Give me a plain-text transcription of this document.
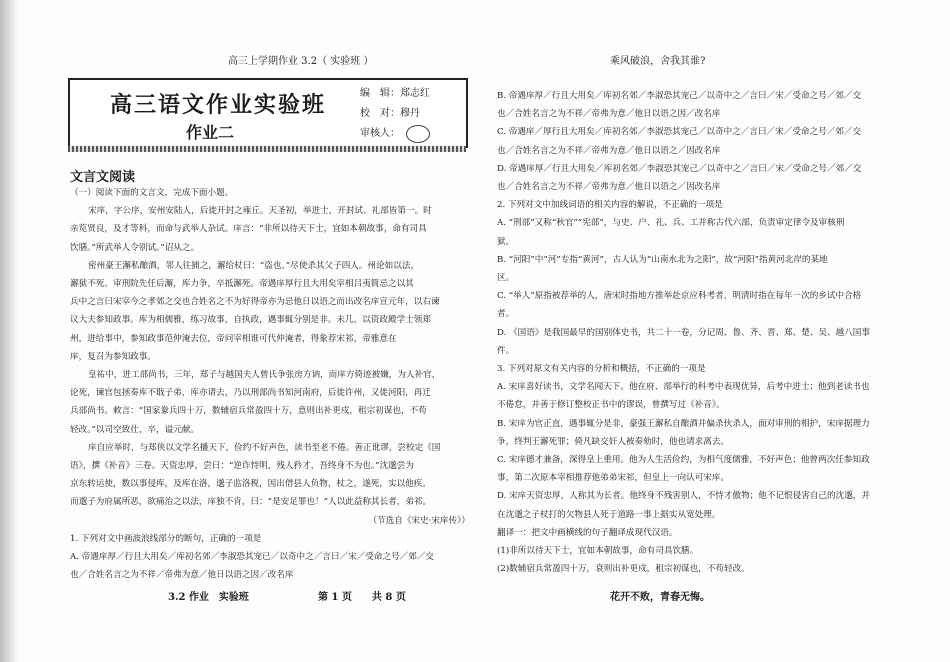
高三上学期作业 3.2（ 实验班 ）	乘风破浪，舍我其谁?
高三语文作业实验班
作业二
编　辑：郑志红
校　对：穆丹
审核人：
文言文阅读

（一）阅读下面的文言文，完成下面小题。

宋庠，字公序，安州安陆人，后徙开封之雍丘。天圣初，举进士，开封试、礼部皆第一。时

亲览贤良，及才等科，而命与武举人杂试。庠言：“非所以待天下士，宜如本朝故事，命有司具

饮膳。”所武举人令别试。”诏从之。

密州豪王澥私酿酒，邻人往捕之，澥给杖曰：“盗也。”尽使杀其父子四人。州论如以法，

澥狱不死。审刑院先任后澥，库力争，卒抵澥死。帝遇庠厚行且大用矣宰相吕夷简忌之以其

兵中之言曰宋宰今之孝郊之交也合姓名之不为好得帝亦为忌他日以语之而出改名庠宣元年，以右谏

议大夫参知政事。库为相儒雅，练习故事，自执政，遇事辄分别是非。未几，以资政殿学士领郑

州，进给事中，参知政事范仲淹去位，帝问宰相谁可代仲淹者，得象荐宋祁，帝雅意在

庠，复召为参知政事。

皇祐中，进工部尚书，三年，郑子与越国夫人曾氏争张房方讷，而庠方倚迹被嫌，为人补官，

论死，谏官包拯奏库不戢子弟，库亦请去，乃以刑部尚书知河南府，后徙许州，又徙河阳，再迁

兵部尚书。敕言：“国家豢兵四十万，数辅宿兵常盈四十万，意则出补更戍，租宗初谋也，不苟

轻改。”以司空致仕，卒，谥元献。

庠自应举时，与郑侠以文学名播天下，俭约不好声色，读书至老不倦。善正讹谬，尝校定《国

语》，撰《补音》三卷。天资忠厚，尝曰：“逆诈恃明，残人矜才，吾终身不为也。”沈邈尝为

京东转运使，数以事侵库，及库在洛，邈子监洛税，因出借县人负物，杖之，遂死，实以他疾。

而邈子为府属所恶，欲痛治之以法，庠独不肯，曰：“是安足罪也！”人以此益称其长者，弟祁。

（节选自《宋史·宋庠传》）

1. 下列对文中画波浪线部分的断句，正确的一项是

A. 帝遇庠厚／行且大用矣／库初名郊／李淑恐其宠已／以奇中之／言曰／宋／受命之号／郊／交

也／合姓名言之为不祥／帝弗为意／他日以语之因／改名庠

B. 帝遇庠厚／行且大用矣／库初名郊／李淑恐其宠己／以奇中之／言曰／宋／受命之号／郊／交

也／合姓名言之为不祥／帝弗为意／他日以语之因／改名庠

C. 帝遇庠／厚行且大用矣／库初名郊／李淑恐其宠己／以奇中之／言曰／宋／受命之号／郊／交

也／合姓名言之为不祥／帝弗为意／他日以语之／因改名庠

D. 帝遇庠厚／行且大用矣／库初名郊／李淑恐其宠己／以奇中之／言曰／宋／受命之号／郊／交

也／合姓名言之为不祥／帝弗为意／他日以语之／因改名庠

2. 下列对文中加线词语的相关内容的解说，不正确的一项是

A. “刑部”又称“秋官”“宪部”，与史、户、礼、兵、工并称古代六部，负责审定律令及审核刑

狱。

B. “河阳”中“河”专指“黄河”，古人认为“山南水北为之阳”，故“河阳”指黄河北岸的某地

区。

C. “举人”原指被荐举的人，唐宋时指地方推举赴京应科考者，明清时指在每年一次的乡试中合格

者。

D. 《国语》是我国最早的国别体史书，共二十一卷，分记周、鲁、齐、晋、郑、楚、吴、越八国事

件。

3. 下列对原文有关内容的分析和概括，不正确的一项是

A. 宋庠喜好读书，文学名闻天下。他在府、部举行的科考中表现优异，后考中进士；他到老读书也

不倦怠，并善于修订整校正书中的谬误，曾撰写过《补音》。

B. 宋庠为官正直，遇事辄分是非，豪强王澥私自酿酒并偏杀伙杀人，面对审刑的相护，宋庠据理力

争，终判王澥死罪；倚凡缺交奸人被奏劾时，他也请求离去。

C. 宋庠德才兼备，深得皇上重用。他为人生活俭约，为相气度儒雅，不好声色；他曾两次任参知政

事，第二次原本宰相推荐他弟弟宋祁，但皇上一向认可宋庠。

D. 宋庠天资忠厚，人称其为长者。他终身不残害别人，不恃才傲物；他不记恨侵害自己的沈邈，并

在沈邈之子杖打的欠物县人死于道路一事上据实从宽处理。

翻译一：把文中画横线的句子翻译成现代汉语。

(1)非所以待天下士，宜如本朝故事，命有司具饮膳。

(2)数辅宿兵常盈四十万，衰则出补更戍，租宗初谋也，不苟轻改。

3.2 作业　实验班	第 1 页　　共 8 页	花开不败，青春无悔。
